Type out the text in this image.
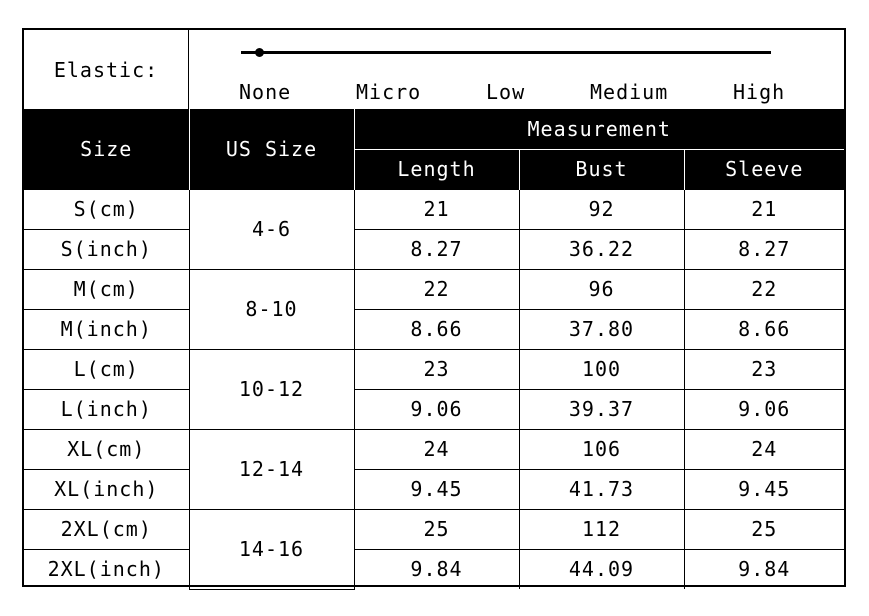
Elastic:
None	Micro	Low	Medium	High
Size	US Size	Measurement		
		Length	Bust	Sleeve
S(cm)	4-6	21	92	21
S(inch)		8.27	36.22	8.27
M(cm)	8-10	22	96	22
M(inch)		8.66	37.80	8.66
L(cm)	10-12	23	100	23
L(inch)		9.06	39.37	9.06
XL(cm)	12-14	24	106	24
XL(inch)		9.45	41.73	9.45
2XL(cm)	14-16	25	112	25
2XL(inch)		9.84	44.09	9.84
